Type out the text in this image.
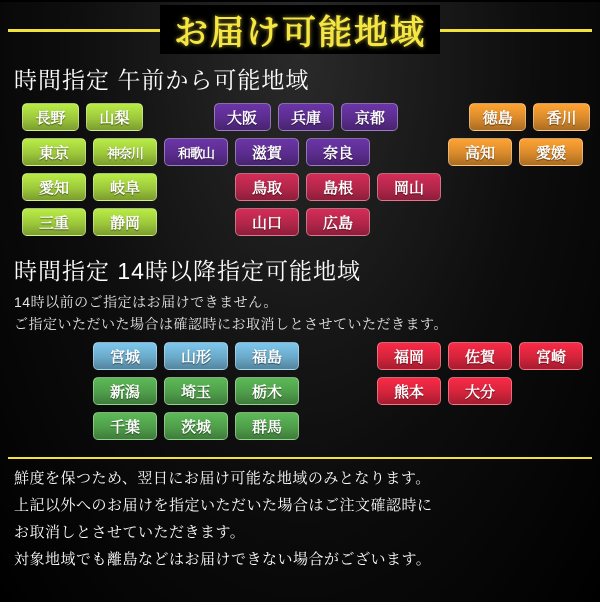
お届け可能地域
時間指定 午前から可能地域
長野	山梨	大阪	兵庫	京都	徳島	香川
東京	神奈川	和歌山	滋賀	奈良	高知	愛媛
愛知	岐阜	鳥取	島根	岡山
三重	静岡	山口	広島
時間指定 14時以降指定可能地域
14時以前のご指定はお届けできません。
ご指定いただいた場合は確認時にお取消しとさせていただきます。
宮城	山形	福島	福岡	佐賀	宮崎
新潟	埼玉	栃木	熊本	大分
千葉	茨城	群馬

鮮度を保つため、翌日にお届け可能な地域のみとなります。

上記以外へのお届けを指定いただいた場合はご注文確認時に

お取消しとさせていただきます。

対象地域でも離島などはお届けできない場合がございます。
